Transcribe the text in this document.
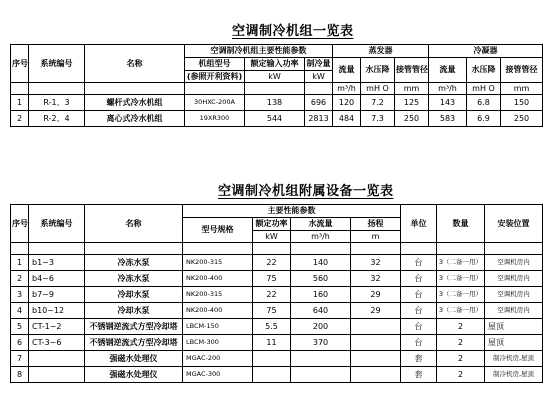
空调制冷机组一览表
序号	系统编号	名称	空调制冷机组主要性能参数			蒸发器			冷凝器		
			机组型号	额定输入功率	制冷量	流量	水压降	接管管径	流量	水压降	接管管径
			(参照开利资料)	kW	kW						
						m³/h	mH O	mm	m³/h	mH O	mm
1	R-1、3	螺杆式冷水机组	30HXC-200A	138	696	120	7.2	125	143	6.8	150
2	R-2、4	离心式冷水机组	19XR300	544	2813	484	7.3	250	583	6.9	250
空调制冷机组附属设备一览表
序号	系统编号	名称	主要性能参数				单位	数量	安装位置
			型号规格	额定功率	水流量	扬程			
				kW	m³/h	m			

1	b1~3	冷冻水泵	NK200-315	22	140	32	台	3（二备一用）	空调机房内
2	b4~6	冷冻水泵	NK200-400	75	560	32	台	3（二备一用）	空调机房内
3	b7~9	冷却水泵	NK200-315	22	160	29	台	3（二备一用）	空调机房内
4	b10~12	冷却水泵	NK200-400	75	640	29	台	3（二备一用）	空调机房内
5	CT-1~2	不锈钢逆流式方型冷却塔	LBCM-150	5.5	200		台	2	屋顶
6	CT-3~6	不锈钢逆流式方型冷却塔	LBCM-300	11	370		台	2	屋顶
7		强磁水处理仪	MGAC-200				套	2	制冷机房,屋顶
8		强磁水处理仪	MGAC-300				套	2	制冷机房,屋顶
